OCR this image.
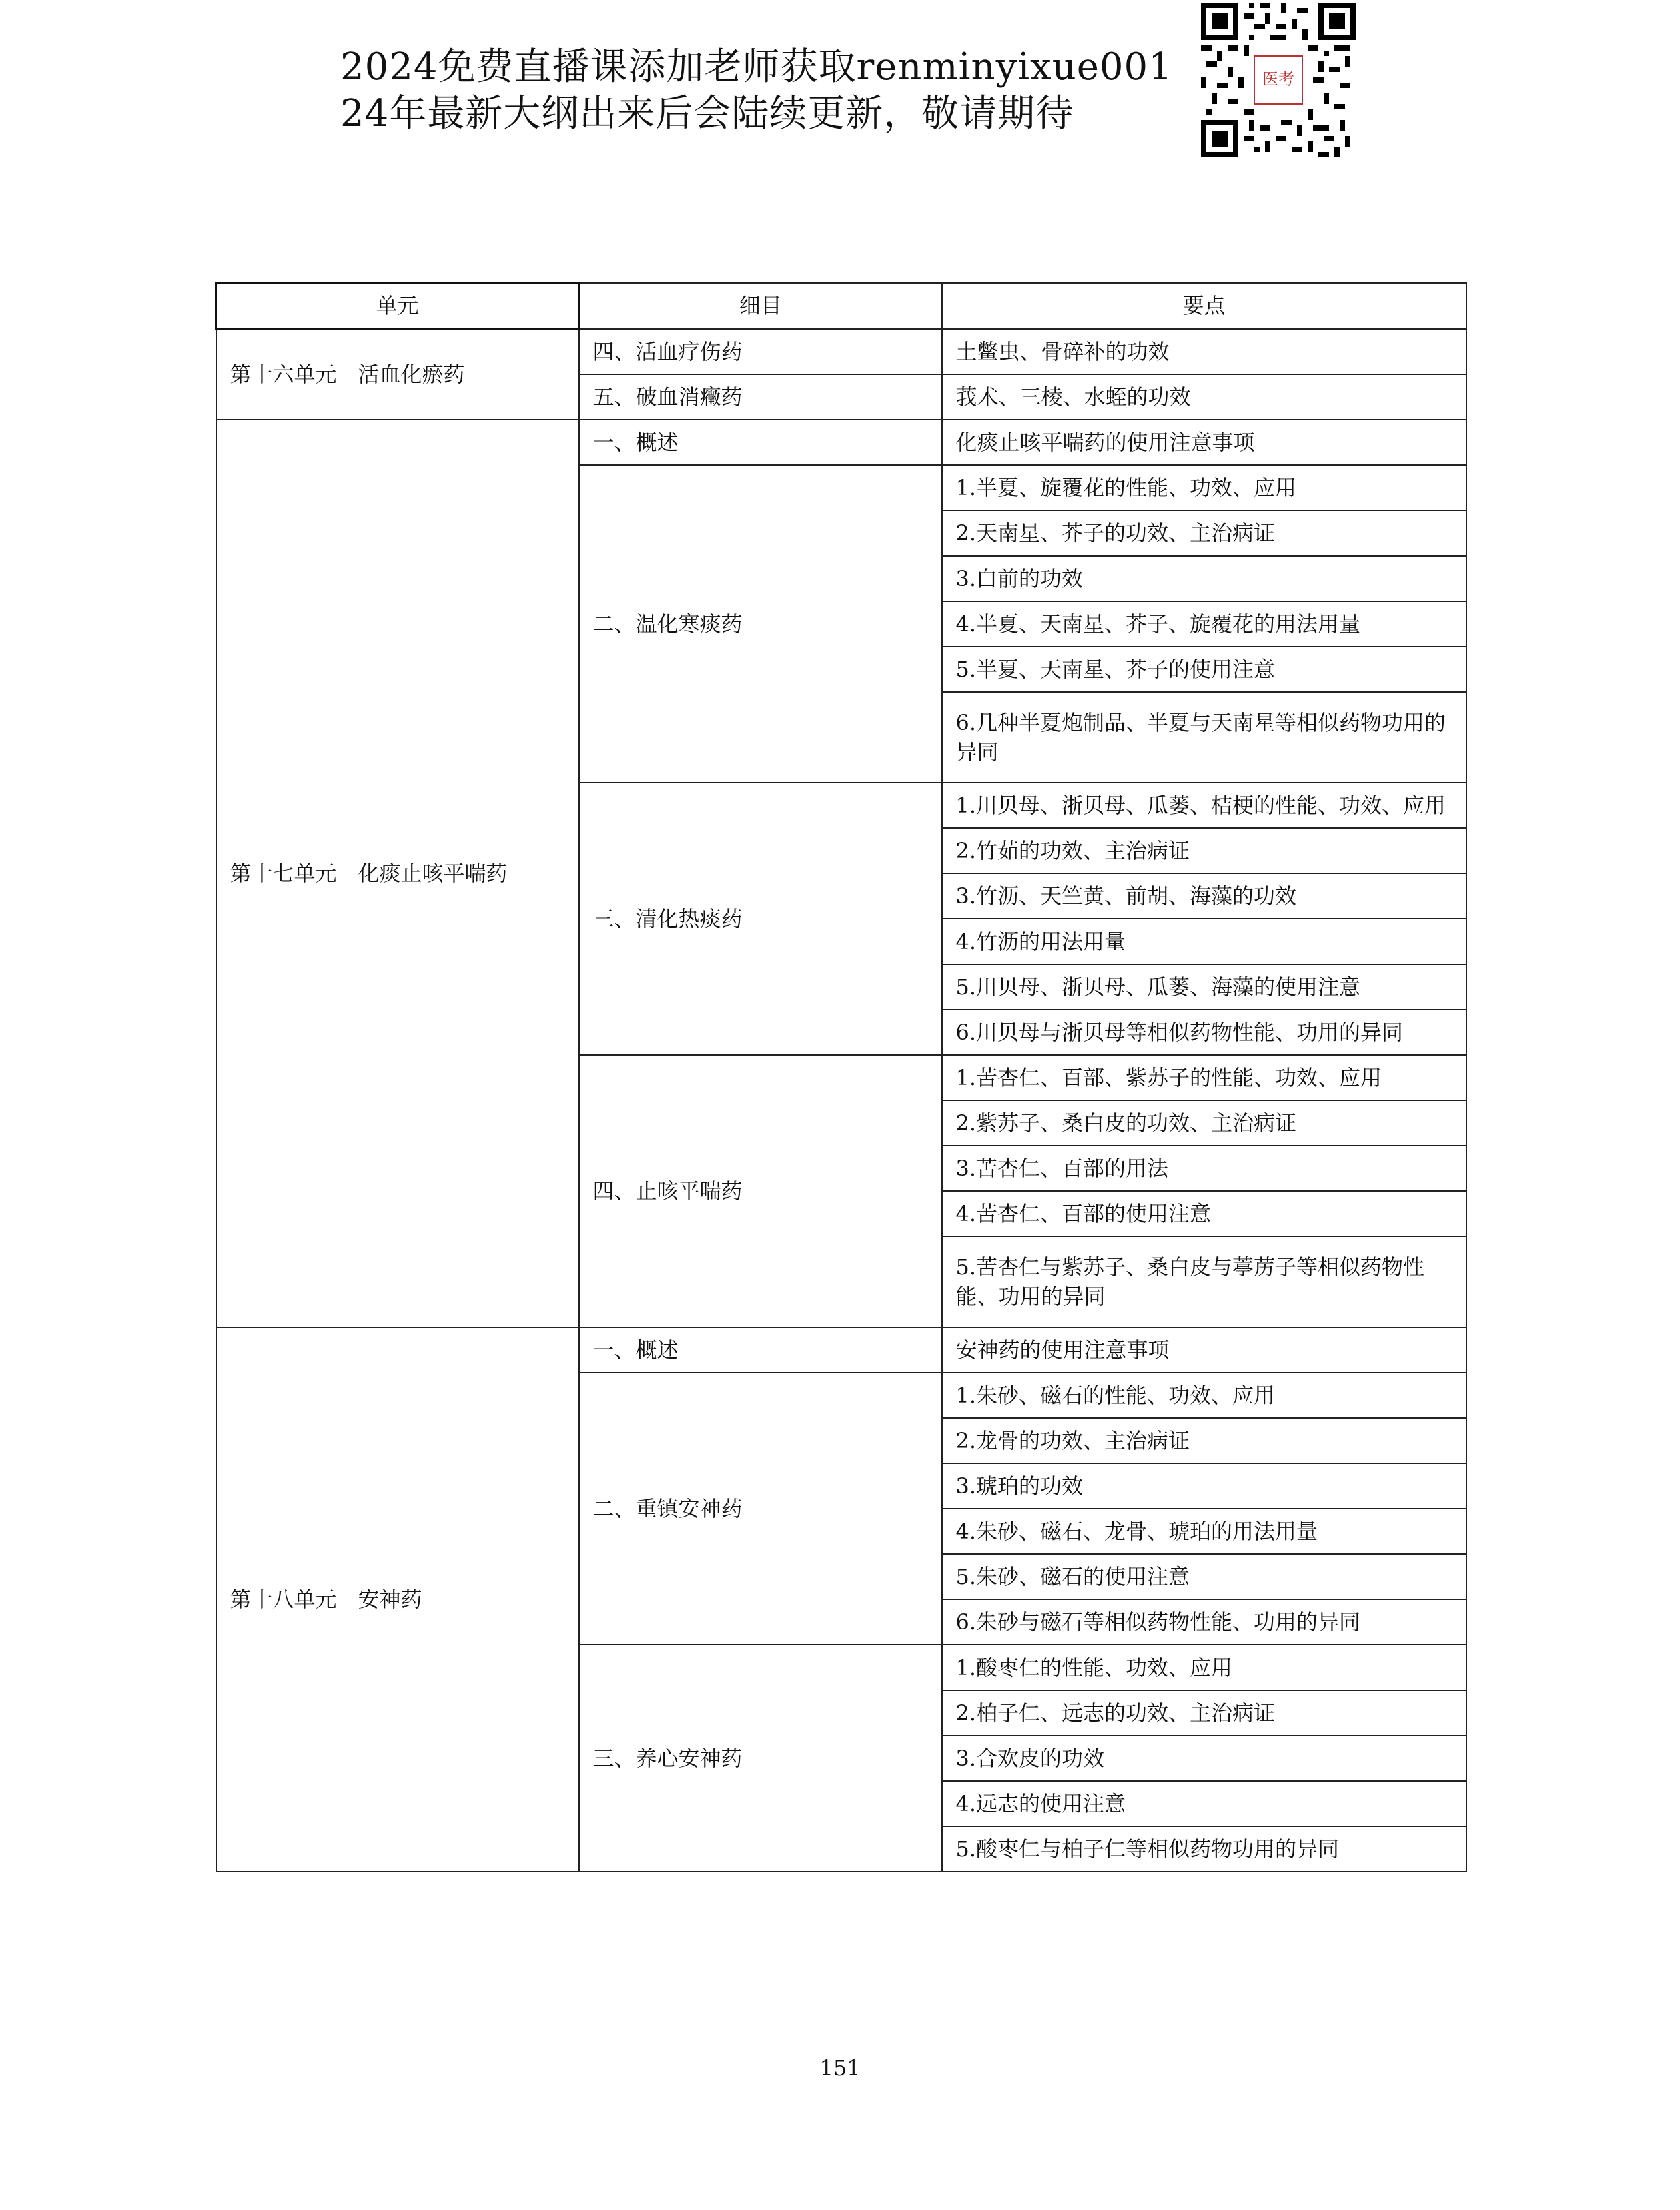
2024免费直播课添加老师获取renminyixue001
24年最新大纲出来后会陆续更新，敬请期待
医考
单元	细目	要点
第十六单元　活血化瘀药	四、活血疗伤药	土鳖虫、骨碎补的功效
	五、破血消癥药	莪术、三棱、水蛭的功效
第十七单元　化痰止咳平喘药	一、概述	化痰止咳平喘药的使用注意事项
	二、温化寒痰药	1.半夏、旋覆花的性能、功效、应用
		2.天南星、芥子的功效、主治病证
		3.白前的功效
		4.半夏、天南星、芥子、旋覆花的用法用量
		5.半夏、天南星、芥子的使用注意
		6.几种半夏炮制品、半夏与天南星等相似药物功用的异同
	三、清化热痰药	1.川贝母、浙贝母、瓜蒌、桔梗的性能、功效、应用
		2.竹茹的功效、主治病证
		3.竹沥、天竺黄、前胡、海藻的功效
		4.竹沥的用法用量
		5.川贝母、浙贝母、瓜蒌、海藻的使用注意
		6.川贝母与浙贝母等相似药物性能、功用的异同
	四、止咳平喘药	1.苦杏仁、百部、紫苏子的性能、功效、应用
		2.紫苏子、桑白皮的功效、主治病证
		3.苦杏仁、百部的用法
		4.苦杏仁、百部的使用注意
		5.苦杏仁与紫苏子、桑白皮与葶苈子等相似药物性能、功用的异同
第十八单元　安神药	一、概述	安神药的使用注意事项
	二、重镇安神药	1.朱砂、磁石的性能、功效、应用
		2.龙骨的功效、主治病证
		3.琥珀的功效
		4.朱砂、磁石、龙骨、琥珀的用法用量
		5.朱砂、磁石的使用注意
		6.朱砂与磁石等相似药物性能、功用的异同
	三、养心安神药	1.酸枣仁的性能、功效、应用
		2.柏子仁、远志的功效、主治病证
		3.合欢皮的功效
		4.远志的使用注意
		5.酸枣仁与柏子仁等相似药物功用的异同
151
